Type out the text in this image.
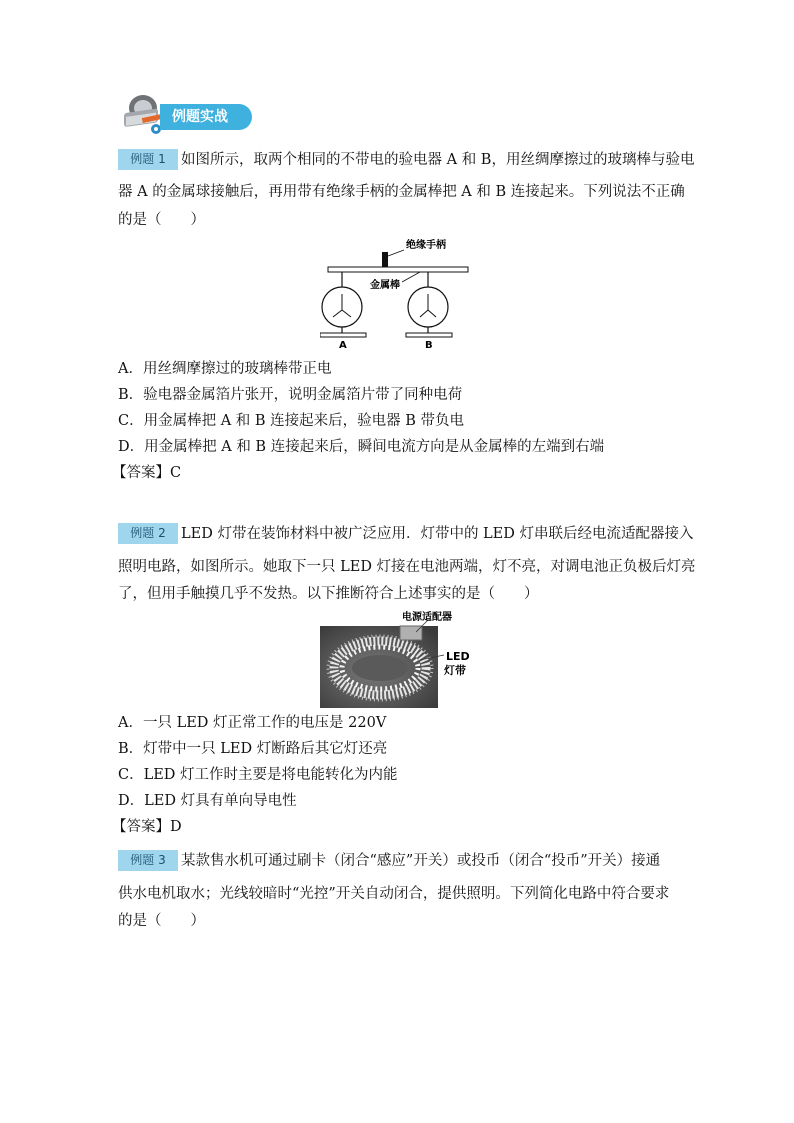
例题实战
例题 1	如图所示，取两个相同的不带电的验电器 A 和 B，用丝绸摩擦过的玻璃棒与验电
器 A 的金属球接触后，再用带有绝缘手柄的金属棒把 A 和 B 连接起来。下列说法不正确
的是（　　）
绝缘手柄
金属棒
A	B
A．用丝绸摩擦过的玻璃棒带正电
B．验电器金属箔片张开，说明金属箔片带了同种电荷
C．用金属棒把 A 和 B 连接起来后，验电器 B 带负电
D．用金属棒把 A 和 B 连接起来后，瞬间电流方向是从金属棒的左端到右端
【答案】C
例题 2	LED 灯带在装饰材料中被广泛应用．灯带中的 LED 灯串联后经电流适配器接入
照明电路，如图所示。她取下一只 LED 灯接在电池两端，灯不亮，对调电池正负极后灯亮
了，但用手触摸几乎不发热。以下推断符合上述事实的是（　　）
电源适配器
LED
灯带
A．一只 LED 灯正常工作的电压是 220V
B．灯带中一只 LED 灯断路后其它灯还亮
C．LED 灯工作时主要是将电能转化为内能
D．LED 灯具有单向导电性
【答案】D
例题 3	某款售水机可通过刷卡（闭合“感应”开关）或投币（闭合“投币”开关）接通
供水电机取水；光线较暗时“光控”开关自动闭合，提供照明。下列简化电路中符合要求
的是（　　）
